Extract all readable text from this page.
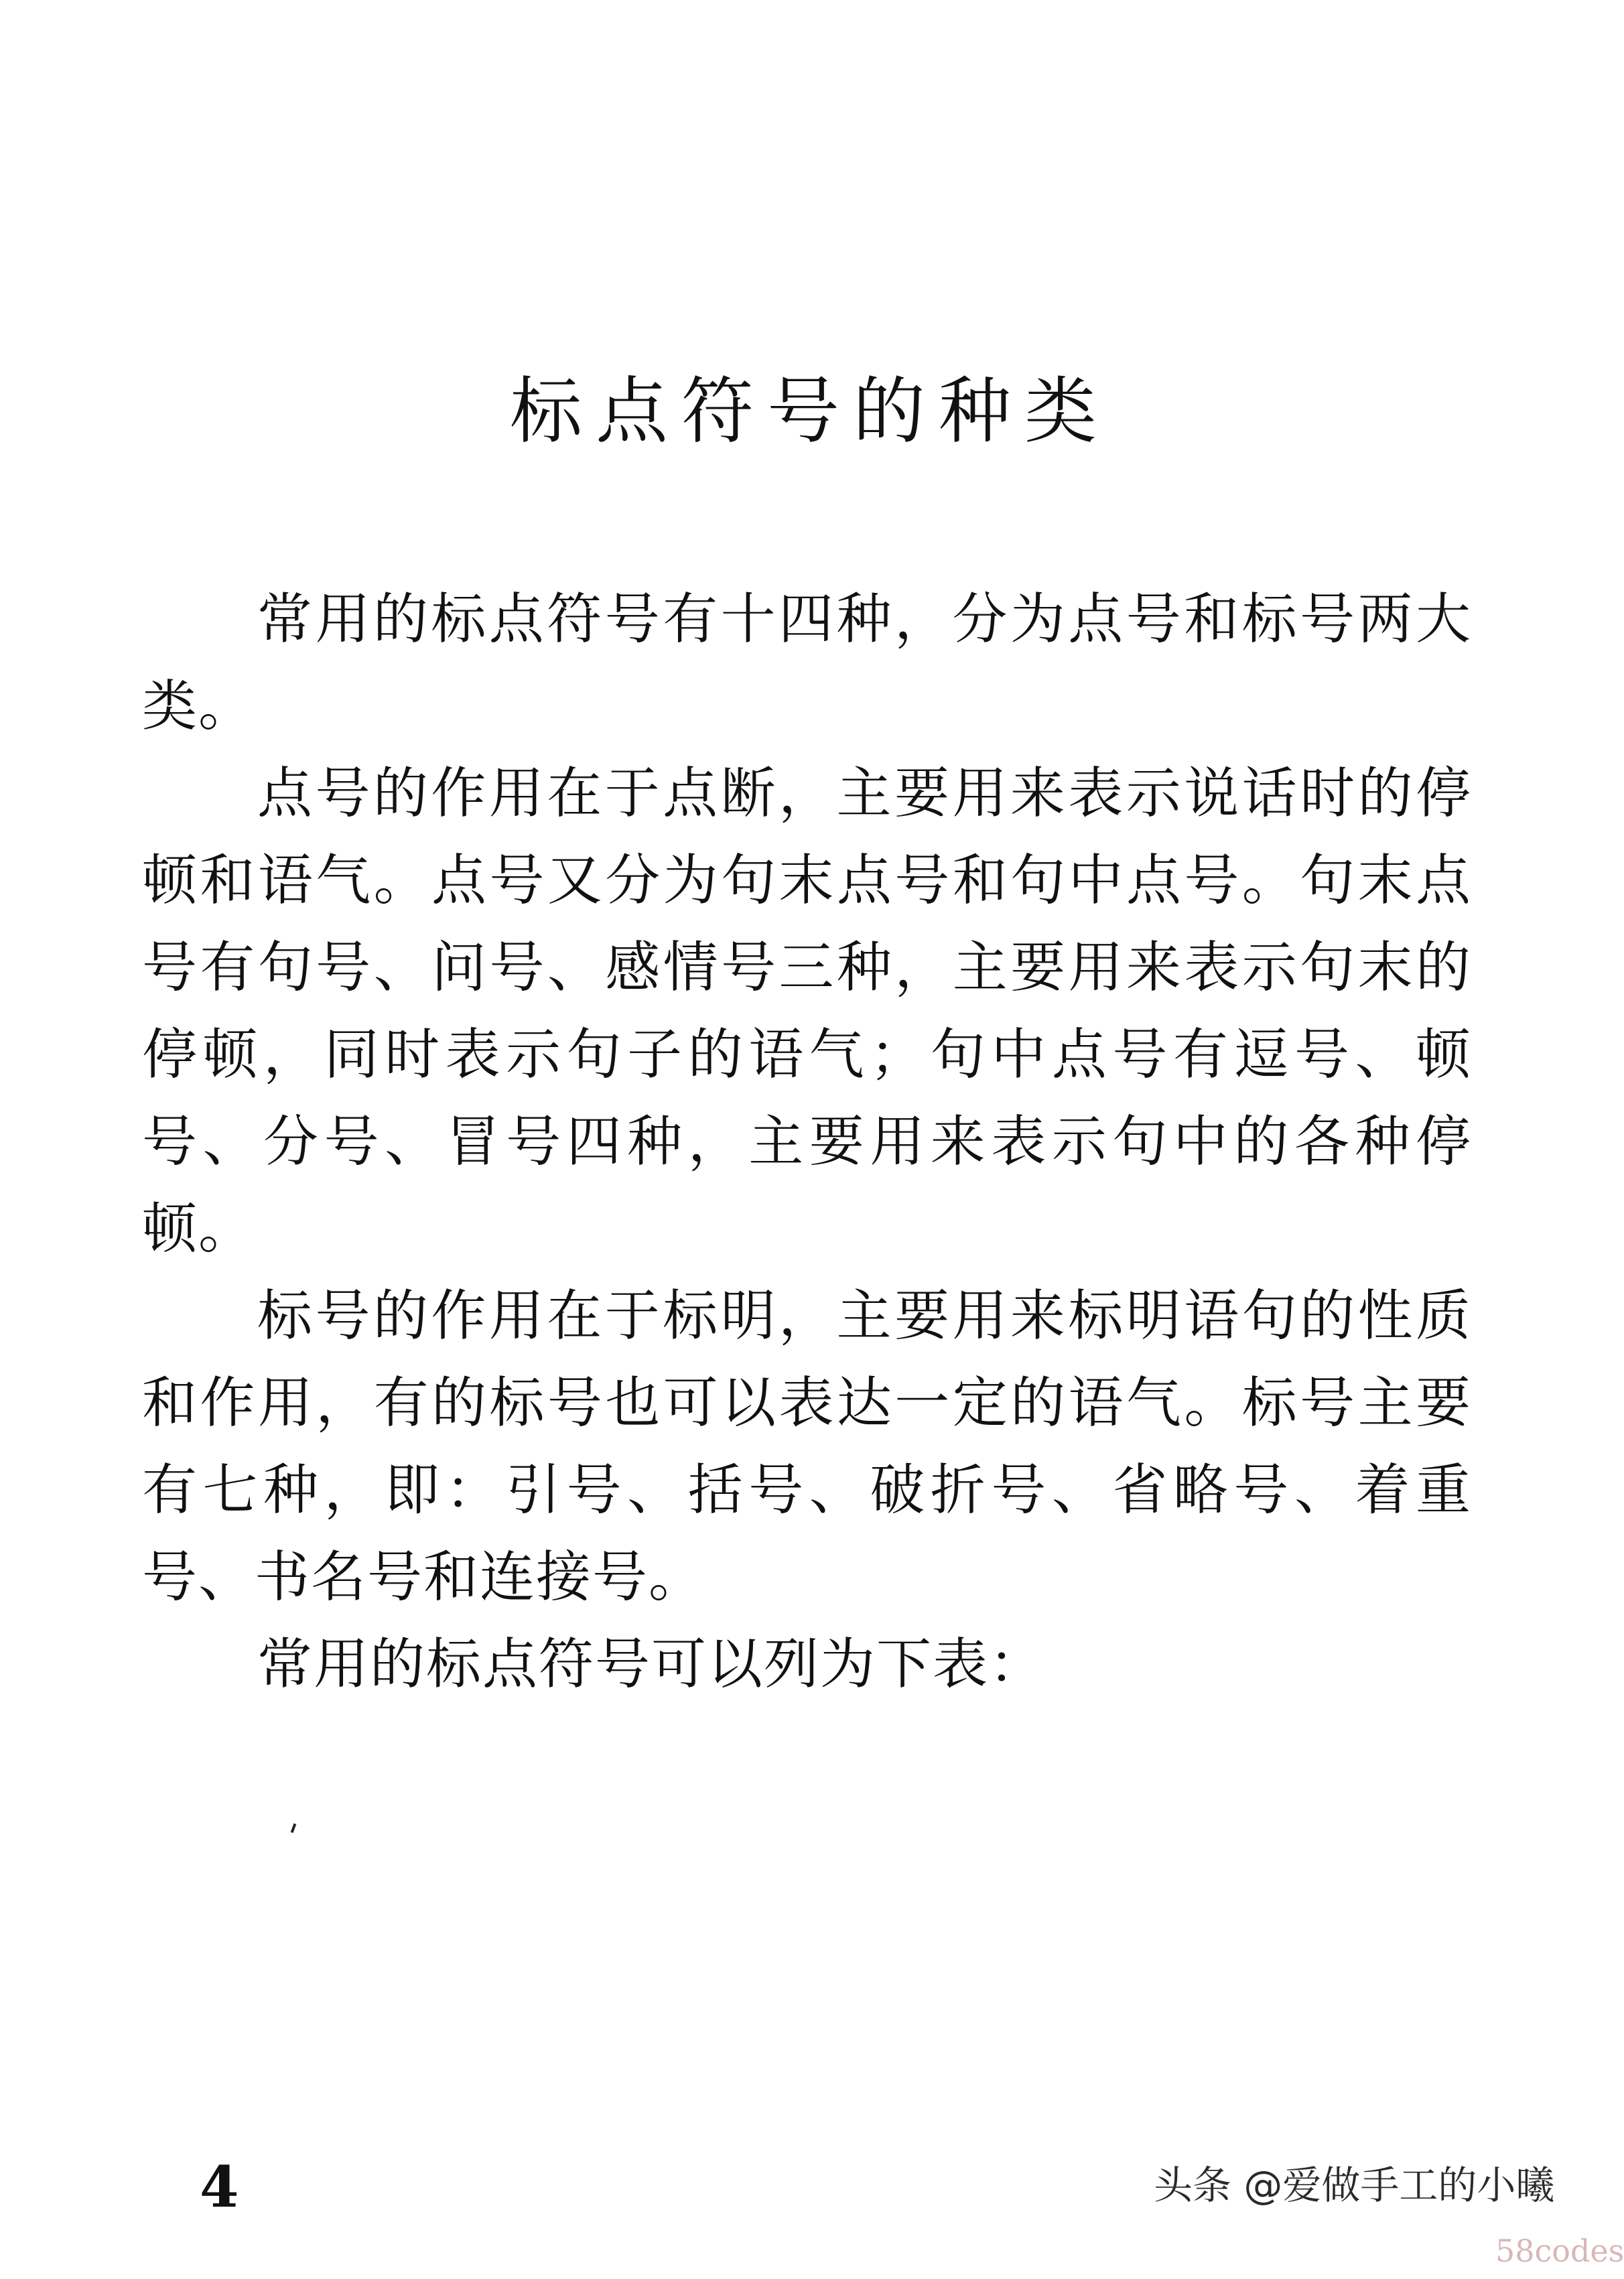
标点符号的种类

常用的标点符号有十四种，分为点号和标号两大类。

点号的作用在于点断，主要用来表示说话时的停顿和语气。点号又分为句末点号和句中点号。句末点号有句号、问号、感情号三种，主要用来表示句末的停顿，同时表示句子的语气；句中点号有逗号、顿号、分号、冒号四种，主要用来表示句中的各种停顿。

标号的作用在于标明，主要用来标明语句的性质和作用，有的标号也可以表达一定的语气。标号主要有七种，即：引号、括号、破折号、省略号、着重号、书名号和连接号。

常用的标点符号可以列为下表：

4	头条 @爱做手工的小曦
58codes
